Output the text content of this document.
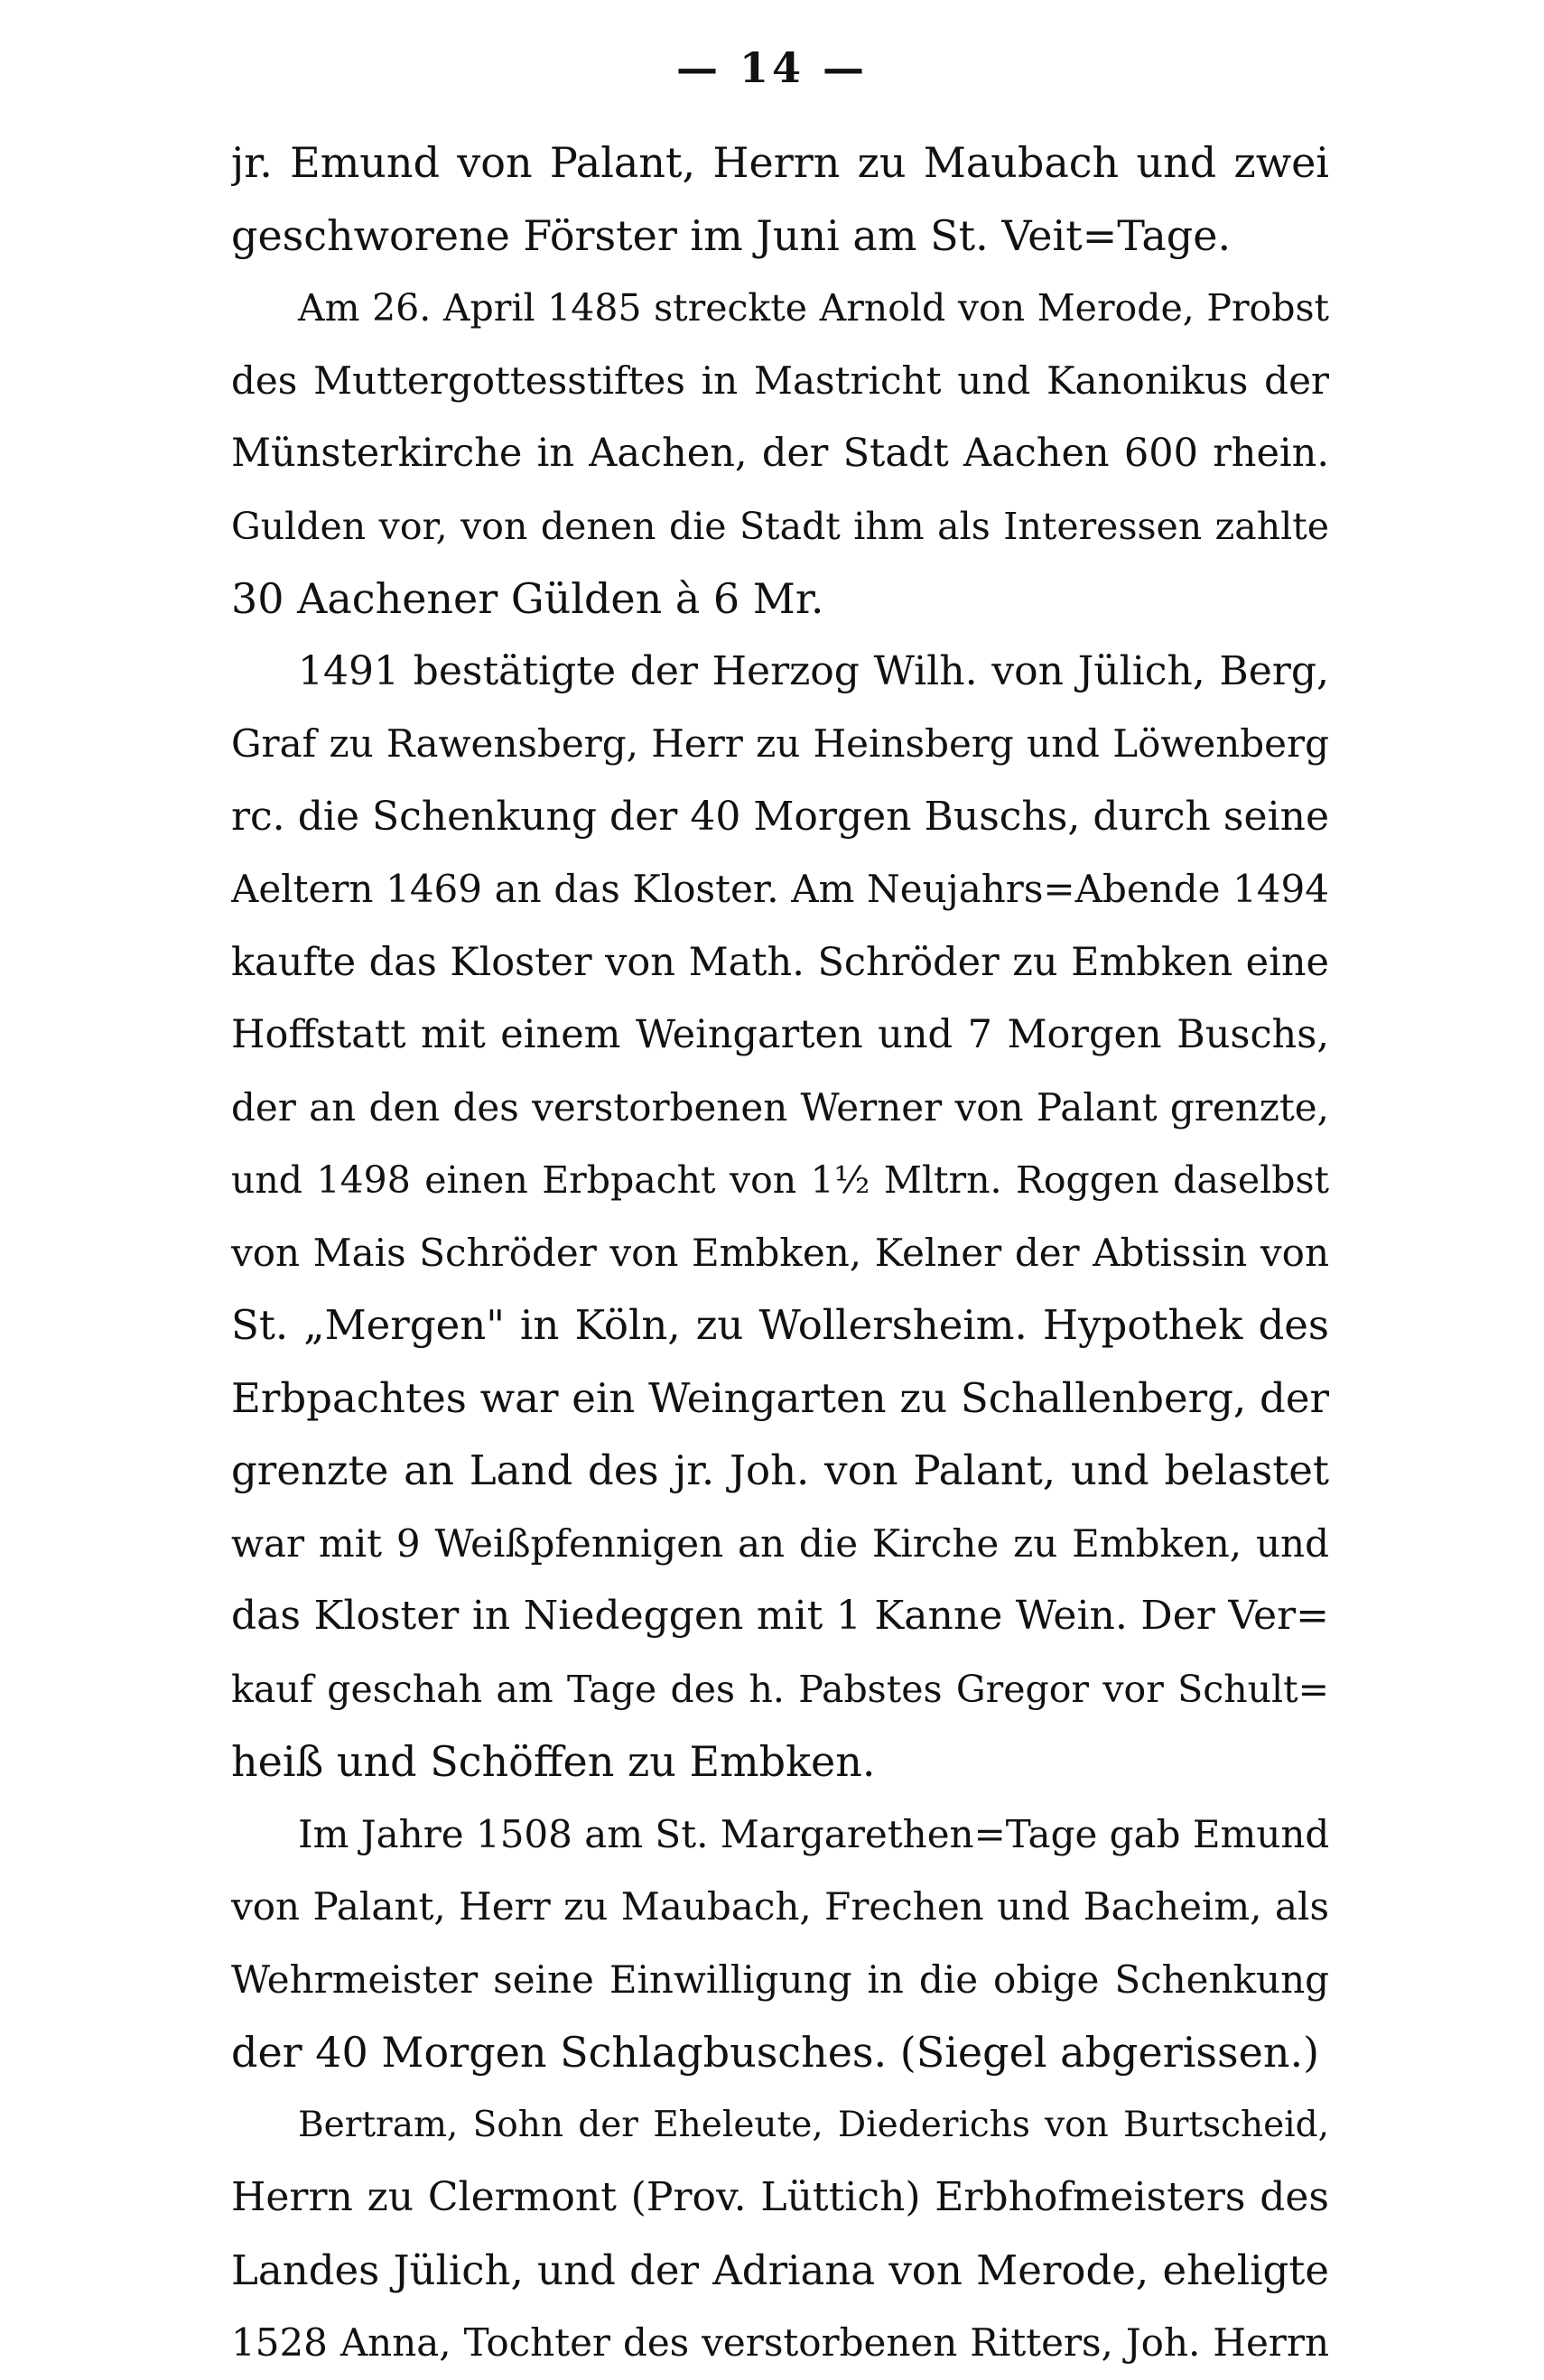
— 14 —
jr. Emund von Palant, Herrn zu Maubach und zwei
geschworene Förster im Juni am St. Veit=Tage.
Am 26. April 1485 streckte Arnold von Merode, Probst
des Muttergottesstiftes in Mastricht und Kanonikus der
Münsterkirche in Aachen, der Stadt Aachen 600 rhein.
Gulden vor, von denen die Stadt ihm als Interessen zahlte
30 Aachener Gülden à 6 Mr.
1491 bestätigte der Herzog Wilh. von Jülich, Berg,
Graf zu Rawensberg, Herr zu Heinsberg und Löwenberg
rc. die Schenkung der 40 Morgen Buschs, durch seine
Aeltern 1469 an das Kloster. Am Neujahrs=Abende 1494
kaufte das Kloster von Math. Schröder zu Embken eine
Hoffstatt mit einem Weingarten und 7 Morgen Buschs,
der an den des verstorbenen Werner von Palant grenzte,
und 1498 einen Erbpacht von 1½ Mltrn. Roggen daselbst
von Mais Schröder von Embken, Kelner der Abtissin von
St. „Mergen" in Köln, zu Wollersheim. Hypothek des
Erbpachtes war ein Weingarten zu Schallenberg, der
grenzte an Land des jr. Joh. von Palant, und belastet
war mit 9 Weißpfennigen an die Kirche zu Embken, und
das Kloster in Niedeggen mit 1 Kanne Wein. Der Ver=
kauf geschah am Tage des h. Pabstes Gregor vor Schult=
heiß und Schöffen zu Embken.
Im Jahre 1508 am St. Margarethen=Tage gab Emund
von Palant, Herr zu Maubach, Frechen und Bacheim, als
Wehrmeister seine Einwilligung in die obige Schenkung
der 40 Morgen Schlagbusches. (Siegel abgerissen.)
Bertram, Sohn der Eheleute, Diederichs von Burtscheid,
Herrn zu Clermont (Prov. Lüttich) Erbhofmeisters des
Landes Jülich, und der Adriana von Merode, eheligte
1528 Anna, Tochter des verstorbenen Ritters, Joh. Herrn
